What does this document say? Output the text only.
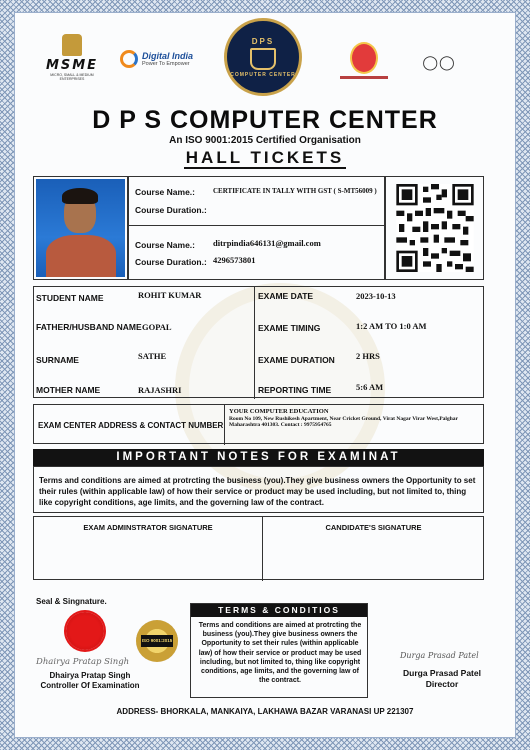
MSME
MICRO, SMALL & MEDIUM ENTERPRISES
Digital India
Power To Empower
DPS
COMPUTER CENTER
◯◯
D P S COMPUTER CENTER
An ISO 9001:2015 Certified Organisation
HALL TICKETS
Course Name.:	CERTIFICATE IN TALLY WITH GST ( S-MT56009 )
Course Duration.:
Course Name.: ditrpindia646131@gmail.com
Course Duration.: 4296573801
STUDENT NAME	ROHIT KUMAR
FATHER/HUSBAND NAME GOPAL
SURNAME	SATHE
MOTHER NAME	RAJASHRI
EXAME DATE	2023-10-13
EXAME TIMING	1:2 AM TO 1:0 AM
EXAME DURATION 2 HRS
REPORTING TIME	5:6 AM
EXAM CENTER ADDRESS & CONTACT NUMBER
YOUR COMPUTER EDUCATION
Room No 109, New Rushikesh Apartment, Near Cricket Ground, Virat Nagar Virar West,Palghar Maharashtra 401303. Contact : 9975954765
IMPORTANT NOTES FOR EXAMINAT
Terms and conditions are aimed at protrcting the business (you).They give business owners the Opportunity to set their rules (within applicable law) of how their service or product may be used including, but not limited to, thing like copyright conditions, age limits, and the governing law of the contract.
EXAM ADMINSTRATOR SIGNATURE	CANDIDATE'S SIGNATURE
Seal & Singnature.
ISO 9001:2015
Dhairya Pratap Singh
Dhairya Pratap Singh
Controller Of Examination
TERMS & CONDITIOS
Terms and conditions are aimed at protrcting the business (you).They give business owners the Opportunity to set their rules (within applicable law) of how their service or product may be used including, but not limited to, thing like copyright conditions, age limits, and the governing law of the contract.
Durga Prasad Patel
Durga Prasad Patel
Director
ADDRESS- BHORKALA, MANKAIYA, LAKHAWA BAZAR VARANASI UP 221307
